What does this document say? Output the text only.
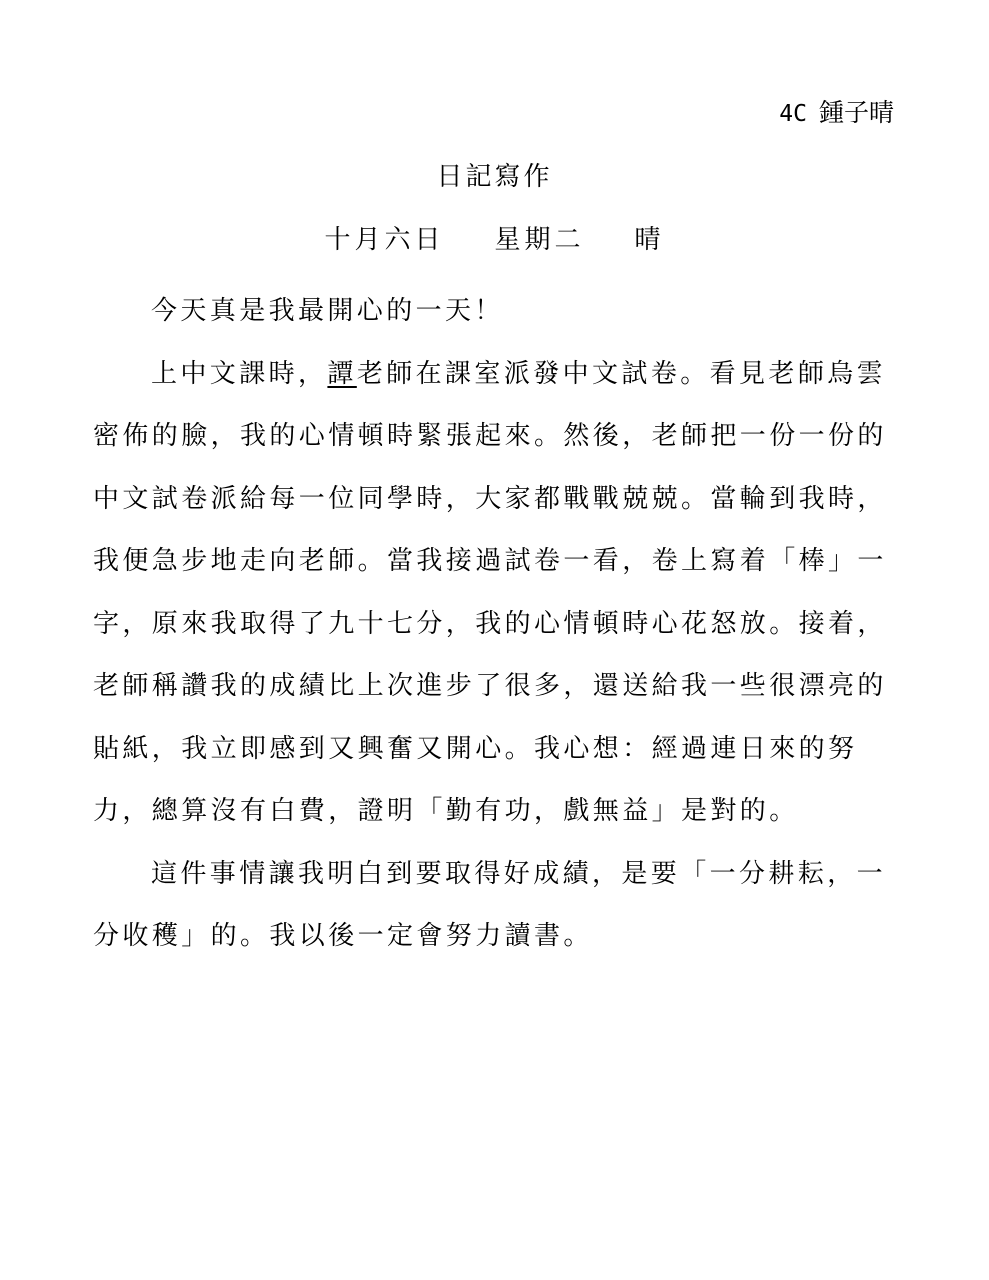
4C 鍾子晴
日記寫作
十月六日 星期二 晴

今天真是我最開心的一天！

上中文課時，譚老師在課室派發中文試卷。看見老師烏雲
密佈的臉，我的心情頓時緊張起來。然後，老師把一份一份的
中文試卷派給每一位同學時，大家都戰戰兢兢。當輪到我時，
我便急步地走向老師。當我接過試卷一看，卷上寫着「棒」一
字，原來我取得了九十七分，我的心情頓時心花怒放。接着，
老師稱讚我的成績比上次進步了很多，還送給我一些很漂亮的
貼紙，我立即感到又興奮又開心。我心想：經過連日來的努
力，總算沒有白費，證明「勤有功，戲無益」是對的。

這件事情讓我明白到要取得好成績，是要「一分耕耘，一
分收穫」的。我以後一定會努力讀書。
